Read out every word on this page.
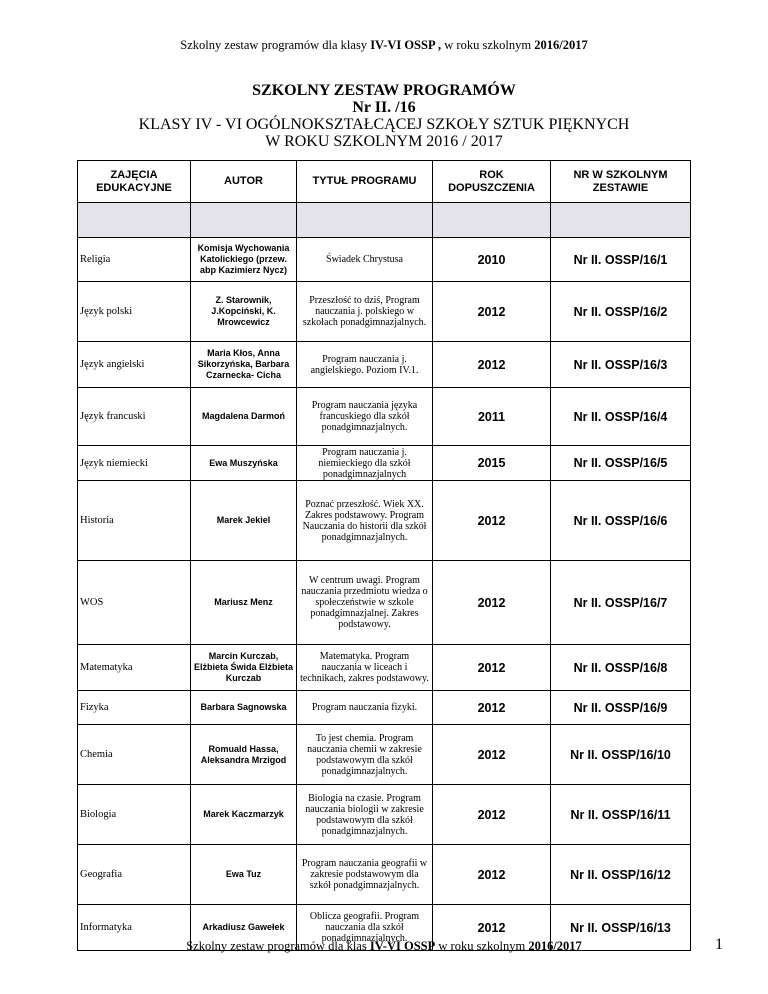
Szkolny zestaw programów dla klasy IV-VI OSSP , w roku szkolnym 2016/2017
SZKOLNY ZESTAW PROGRAMÓW
Nr II. /16
KLASY IV - VI OGÓLNOKSZTAŁCĄCEJ SZKOŁY SZTUK PIĘKNYCH
W ROKU SZKOLNYM 2016 / 2017
ZAJĘCIA EDUKACYJNE	AUTOR	TYTUŁ PROGRAMU	ROK DOPUSZCZENIA	NR W SZKOLNYM ZESTAWIE

Religia	Komisja Wychowania Katolickiego (przew. abp Kazimierz Nycz)	Świadek Chrystusa	2010	Nr II. OSSP/16/1
Język polski	Z. Starownik, J.Kopciński, K. Mrowcewicz	Przeszłość to dziś, Program nauczania j. polskiego w szkołach ponadgimnazjalnych.	2012	Nr II. OSSP/16/2
Język angielski	Maria Kłos, Anna Sikorzyńska, Barbara Czarnecka- Cicha	Program nauczania j. angielskiego. Poziom IV.1.	2012	Nr II. OSSP/16/3
Język francuski	Magdalena Darmoń	Program nauczania języka francuskiego dla szkół ponadgimnazjalnych.	2011	Nr II. OSSP/16/4
Język niemiecki	Ewa Muszyńska	Program nauczania j. niemieckiego dla szkół ponadgimnazjalnych	2015	Nr II. OSSP/16/5
Historia	Marek Jekiel	Poznać przeszłość. Wiek XX. Zakres podstawowy. Program Nauczania do historii dla szkół ponadgimnazjalnych.	2012	Nr II. OSSP/16/6
WOS	Mariusz Menz	W centrum uwagi. Program nauczania przedmiotu wiedza o społeczeństwie w szkole ponadgimnazjalnej. Zakres podstawowy.	2012	Nr II. OSSP/16/7
Matematyka	Marcin Kurczab, Elżbieta Świda Elżbieta Kurczab	Matematyka. Program nauczania w liceach i technikach, zakres podstawowy.	2012	Nr II. OSSP/16/8
Fizyka	Barbara Sagnowska	Program nauczania fizyki.	2012	Nr II. OSSP/16/9
Chemia	Romuald Hassa, Aleksandra Mrzigod	To jest chemia. Program nauczania chemii w zakresie podstawowym dla szkół ponadgimnazjalnych.	2012	Nr II. OSSP/16/10
Biologia	Marek Kaczmarzyk	Biologia na czasie. Program nauczania biologii w zakresie podstawowym dla szkół ponadgimnazjalnych.	2012	Nr II. OSSP/16/11
Geografia	Ewa Tuz	Program nauczania geografii w zakresie podstawowym dla szkół ponadgimnazjalnych.	2012	Nr II. OSSP/16/12
Informatyka	Arkadiusz Gawełek	Oblicza geografii. Program nauczania dla szkół ponadgimnazjalnych.	2012	Nr II. OSSP/16/13
Szkolny zestaw programów dla klas IV-VI OSSP w roku szkolnym 2016/2017	1
